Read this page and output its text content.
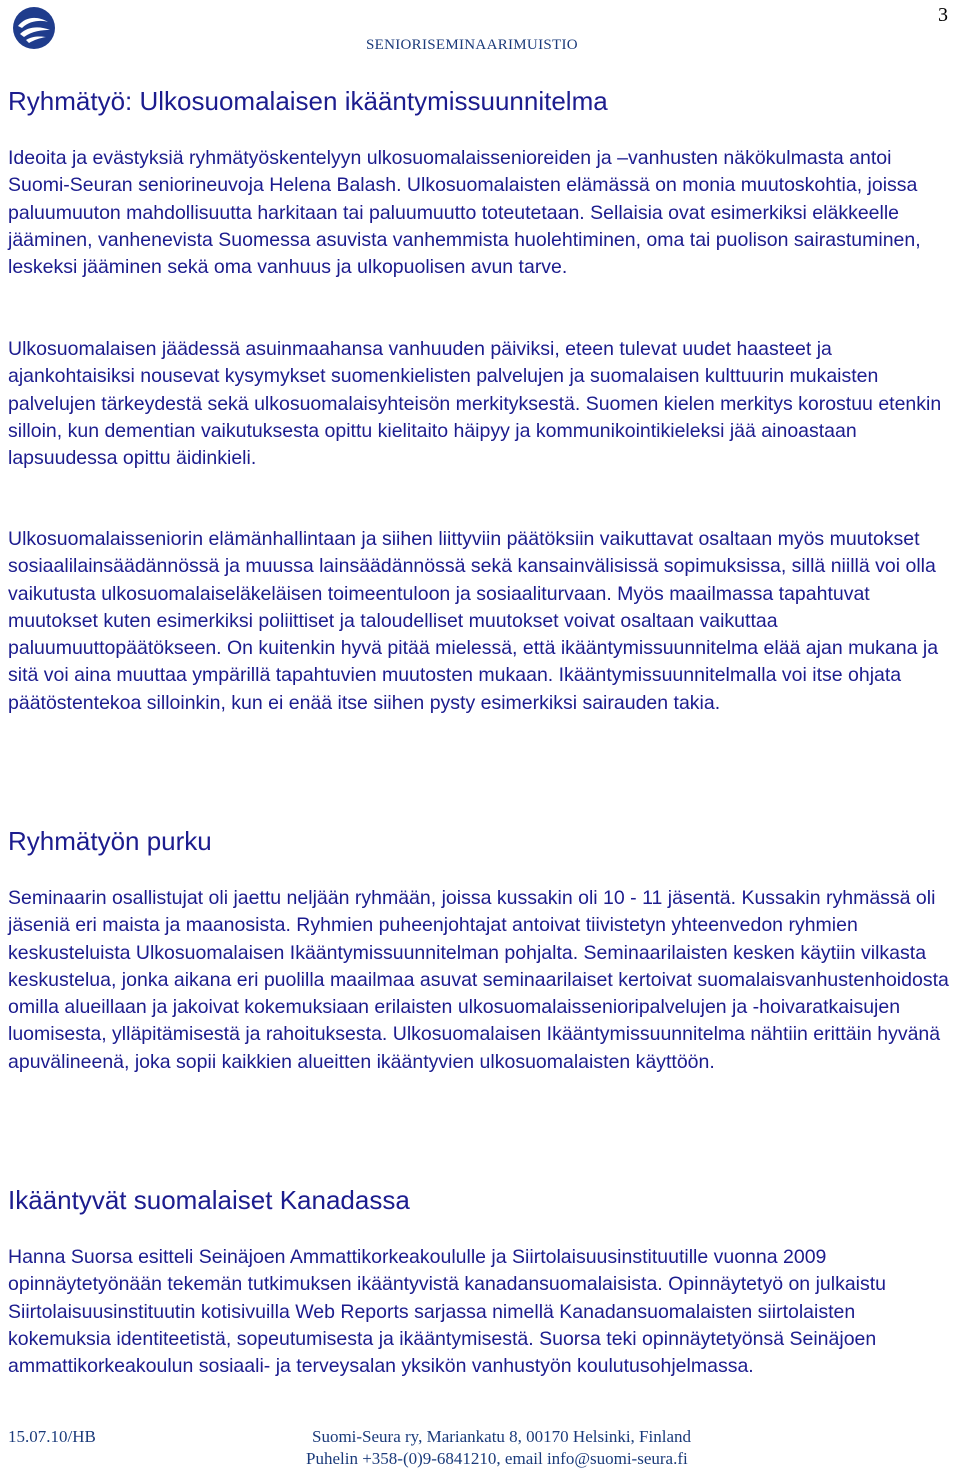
SENIORISEMINAARIMUISTIO
3
Ryhmätyö: Ulkosuomalaisen ikääntymissuunnitelma

Ideoita ja evästyksiä ryhmätyöskentelyyn ulkosuomalaissenioreiden ja –vanhusten näkökulmasta antoi Suomi-Seuran seniorineuvoja Helena Balash. Ulkosuomalaisten elämässä on monia muutoskohtia, joissa paluumuuton mahdollisuutta harkitaan tai paluumuutto toteutetaan. Sellaisia ovat esimerkiksi eläkkeelle jääminen, vanhenevista Suomessa asuvista vanhemmista huolehtiminen, oma tai puolison sairastuminen, leskeksi jääminen sekä oma vanhuus ja ulkopuolisen avun tarve.

Ulkosuomalaisen jäädessä asuinmaahansa vanhuuden päiviksi, eteen tulevat uudet haasteet ja ajankohtaisiksi nousevat kysymykset suomenkielisten palvelujen ja suomalaisen kulttuurin mukaisten palvelujen tärkeydestä sekä ulkosuomalaisyhteisön merkityksestä. Suomen kielen merkitys korostuu etenkin silloin, kun dementian vaikutuksesta opittu kielitaito häipyy ja kommunikointikieleksi jää ainoastaan lapsuudessa opittu äidinkieli.

Ulkosuomalaisseniorin elämänhallintaan ja siihen liittyviin päätöksiin vaikuttavat osaltaan myös muutokset sosiaalilainsäädännössä ja muussa lainsäädännössä sekä kansainvälisissä sopimuksissa, sillä niillä voi olla vaikutusta ulkosuomalaiseläkeläisen toimeentuloon ja sosiaaliturvaan. Myös maailmassa tapahtuvat muutokset kuten esimerkiksi poliittiset ja taloudelliset muutokset voivat osaltaan vaikuttaa paluumuuttopäätökseen. On kuitenkin hyvä pitää mielessä, että ikääntymissuunnitelma elää ajan mukana ja sitä voi aina muuttaa ympärillä tapahtuvien muutosten mukaan. Ikääntymissuunnitelmalla voi itse ohjata päätöstentekoa silloinkin, kun ei enää itse siihen pysty esimerkiksi sairauden takia.

Ryhmätyön purku

Seminaarin osallistujat oli jaettu neljään ryhmään, joissa kussakin oli 10 - 11 jäsentä. Kussakin ryhmässä oli jäseniä eri maista ja maanosista. Ryhmien puheenjohtajat antoivat tiivistetyn yhteenvedon ryhmien keskusteluista Ulkosuomalaisen Ikääntymissuunnitelman pohjalta. Seminaarilaisten kesken käytiin vilkasta keskustelua, jonka aikana eri puolilla maailmaa asuvat seminaarilaiset kertoivat suomalaisvanhustenhoidosta omilla alueillaan ja jakoivat kokemuksiaan erilaisten ulkosuomalaissenioripalvelujen ja -hoivaratkaisujen luomisesta, ylläpitämisestä ja rahoituksesta. Ulkosuomalaisen Ikääntymissuunnitelma nähtiin erittäin hyvänä apuvälineenä, joka sopii kaikkien alueitten ikääntyvien ulkosuomalaisten käyttöön.

Ikääntyvät suomalaiset Kanadassa

Hanna Suorsa esitteli Seinäjoen Ammattikorkeakoululle ja Siirtolaisuusinstituutille vuonna 2009 opinnäytetyönään tekemän tutkimuksen ikääntyvistä kanadansuomalaisista. Opinnäytetyö on julkaistu Siirtolaisuusinstituutin kotisivuilla Web Reports sarjassa nimellä Kanadansuomalaisten siirtolaisten kokemuksia identiteetistä, sopeutumisesta ja ikääntymisestä. Suorsa teki opinnäytetyönsä Seinäjoen ammattikorkeakoulun sosiaali- ja terveysalan yksikön vanhustyön koulutusohjelmassa.

15.07.10/HB	Suomi-Seura ry, Mariankatu 8, 00170 Helsinki, Finland
Puhelin +358-(0)9-6841210, email info@suomi-seura.fi
